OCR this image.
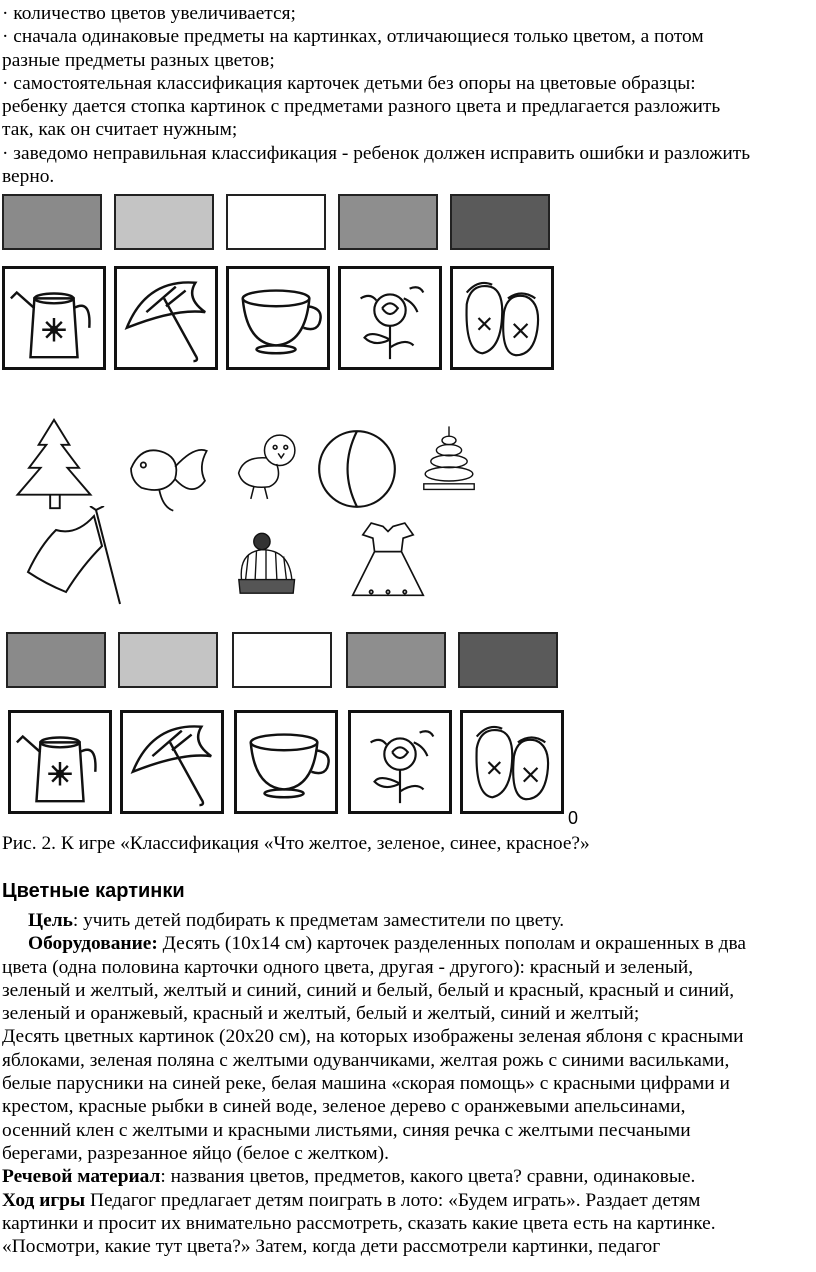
· количество цветов увеличивается;

· сначала одинаковые предметы на картинках, отличающиеся только цветом, а потом

разные предметы разных цветов;

· самостоятельная классификация карточек детьми без опоры на цветовые образцы:

ребенку дается стопка картинок с предметами разного цвета и предлагается разложить

так, как он считает нужным;

· заведомо неправильная классификация - ребенок должен исправить ошибки и разложить

верно.

0
Рис. 2. К игре «Классификация «Что желтое, зеленое, синее, красное?»
Цветные картинки

Цель: учить детей подбирать к предметам заместители по цвету.

Оборудование: Десять (10х14 см) карточек разделенных пополам и окрашенных в два

цвета (одна половина карточки одного цвета, другая - другого): красный и зеленый,

зеленый и желтый, желтый и синий, синий и белый, белый и красный, красный и синий,

зеленый и оранжевый, красный и желтый, белый и желтый, синий и желтый;

Десять цветных картинок (20х20 см), на которых изображены зеленая яблоня с красными

яблоками, зеленая поляна с желтыми одуванчиками, желтая рожь с синими васильками,

белые парусники на синей реке, белая машина «скорая помощь» с красными цифрами и

крестом, красные рыбки в синей воде, зеленое дерево с оранжевыми апельсинами,

осенний клен с желтыми и красными листьями, синяя речка с желтыми песчаными

берегами, разрезанное яйцо (белое с желтком).

Речевой материал: названия цветов, предметов, какого цвета? сравни, одинаковые.

Ход игры Педагог предлагает детям поиграть в лото: «Будем играть». Раздает детям

картинки и просит их внимательно рассмотреть, сказать какие цвета есть на картинке.

«Посмотри, какие тут цвета?» Затем, когда дети рассмотрели картинки, педагог
